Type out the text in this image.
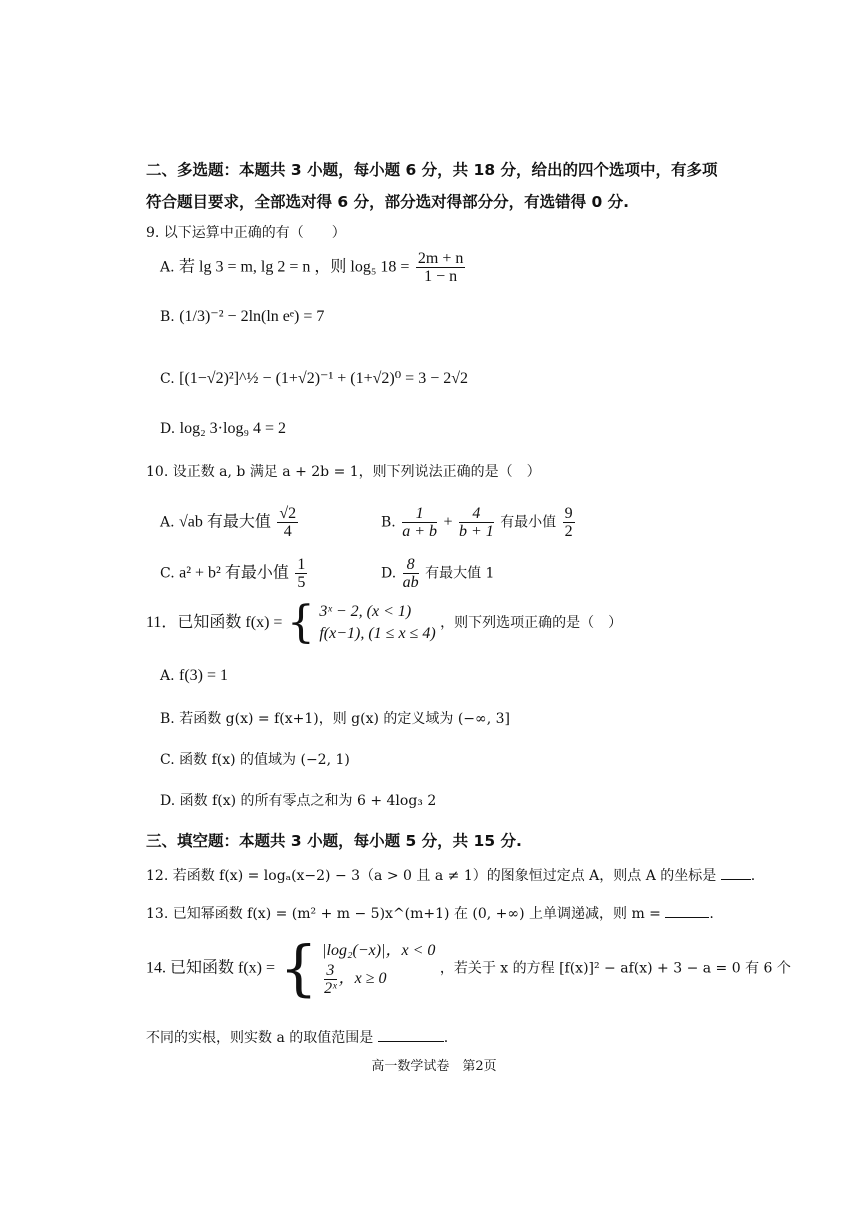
二、多选题：本题共 3 小题，每小题 6 分，共 18 分，给出的四个选项中，有多项
符合题目要求，全部选对得 6 分，部分选对得部分分，有选错得 0 分.
9. 以下运算中正确的有（　　）
A. 若 lg 3 = m, lg 2 = n ，则 log₅ $18 = \frac{2m + n}{1 - n}$
B. (1/3)⁻² − 2ln(ln eᵉ) = 7
C. [(1−√2)²]^½ − (1+√2)⁻¹ + (1+√2)⁰ = 3 − 2√2
D. log₂ 3·log₉ 4 = 2
10. 设正数 a, b 满足 a + 2b = 1，则下列说法正确的是（　）
A. √ab 有最大值 $\frac{√2}{4}$	B. $\frac{1}{a + b} + \frac{4}{b + 1}$ 有最小值 $\frac{9}{2}$
C. a² + b² 有最小值 $\frac{1}{5}$	D. $\frac{8}{ab}$ 有最大值 1
11．已知函数 f(x) = { 3ˣ − 2, (x < 1)
f(x−1), (1 ≤ x ≤ 4)
，则下列选项正确的是（　）
A. f(3) = 1
B. 若函数 g(x) = f(x+1)，则 g(x) 的定义域为 (−∞, 3]
C. 函数 f(x) 的值域为 (−2, 1)
D. 函数 f(x) 的所有零点之和为 6 + 4log₃ 2
三、填空题：本题共 3 小题，每小题 5 分，共 15 分.
12. 若函数 f(x) = logₐ(x−2) − 3（a > 0 且 a ≠ 1）的图象恒过定点 A，则点 A 的坐标是 .
13. 已知幂函数 f(x) = (m² + m − 5)x^(m+1) 在 (0, +∞) 上单调递减，则 m =	.
14. 已知函数 f(x) = { |log₂(−x)|，x < 0
$\frac{3}{\text{2ˣ}}$ ，x ≥ 0
，若关于 x 的方程 [f(x)]² − af(x) + 3 − a = 0 有 6 个
不同的实根，则实数 a 的取值范围是	.
高一数学试卷　第2页
